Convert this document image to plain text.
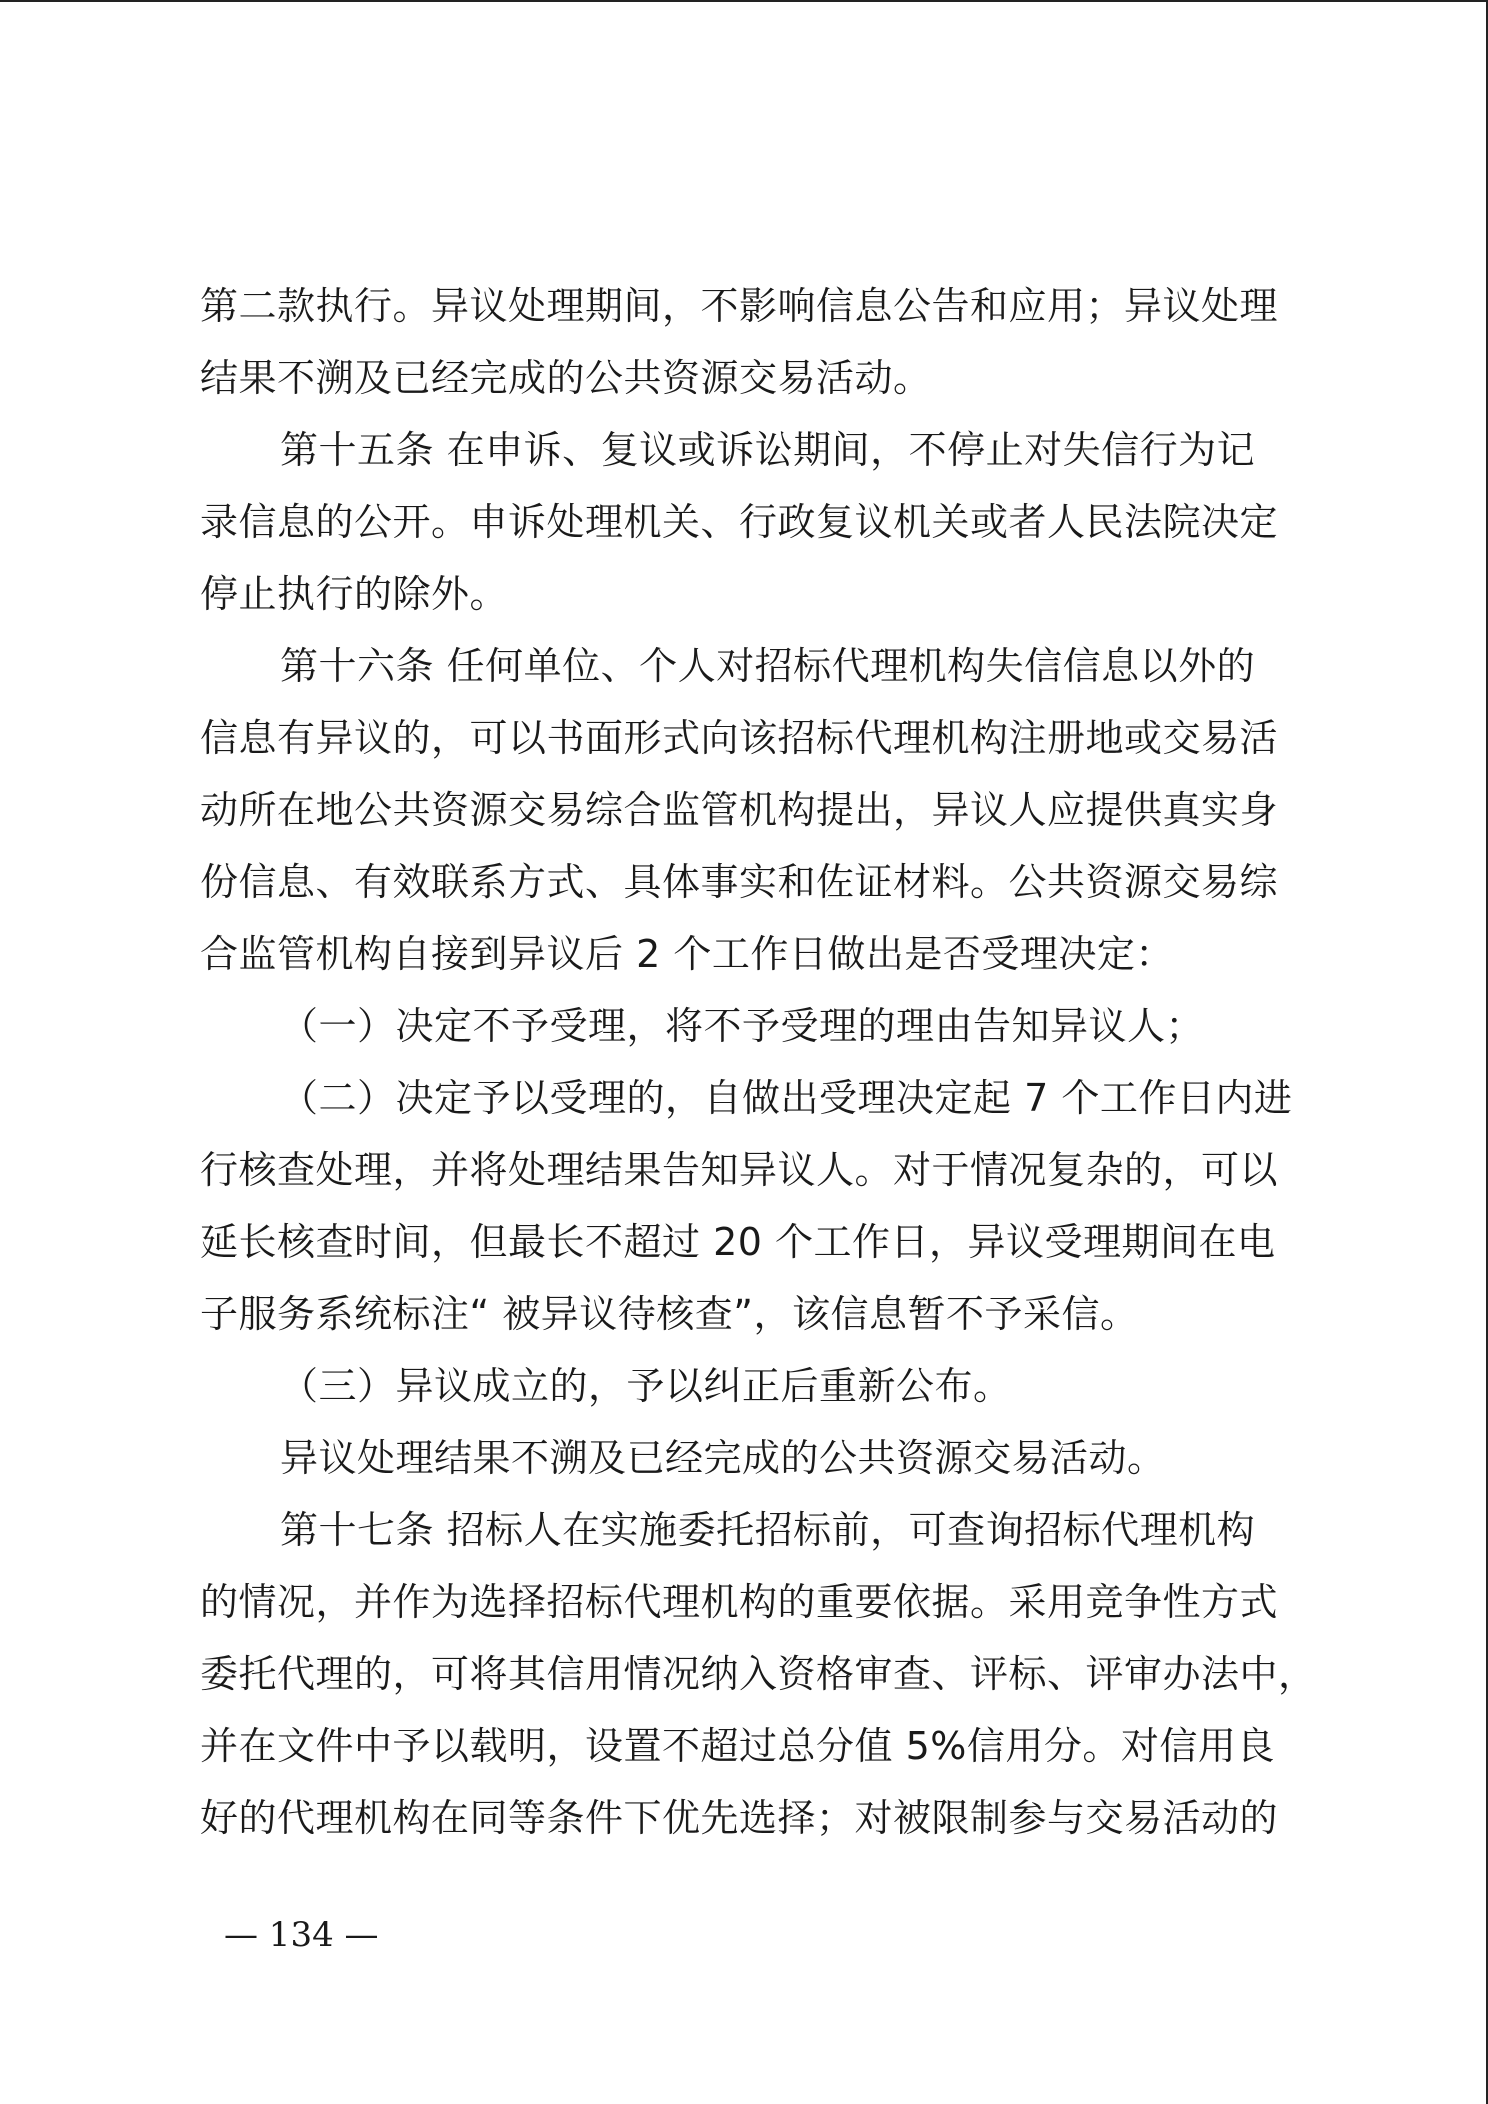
第二款执行。异议处理期间，不影响信息公告和应用；异议处理
结果不溯及已经完成的公共资源交易活动。
第十五条 在申诉、复议或诉讼期间，不停止对失信行为记
录信息的公开。申诉处理机关、行政复议机关或者人民法院决定
停止执行的除外。
第十六条 任何单位、个人对招标代理机构失信信息以外的
信息有异议的，可以书面形式向该招标代理机构注册地或交易活
动所在地公共资源交易综合监管机构提出，异议人应提供真实身
份信息、有效联系方式、具体事实和佐证材料。公共资源交易综
合监管机构自接到异议后 2 个工作日做出是否受理决定：
（一）决定不予受理，将不予受理的理由告知异议人；
（二）决定予以受理的，自做出受理决定起 7 个工作日内进
行核查处理，并将处理结果告知异议人。对于情况复杂的，可以
延长核查时间，但最长不超过 20 个工作日，异议受理期间在电
子服务系统标注“ 被异议待核查”，该信息暂不予采信。
（三）异议成立的，予以纠正后重新公布。
异议处理结果不溯及已经完成的公共资源交易活动。
第十七条 招标人在实施委托招标前，可查询招标代理机构
的情况，并作为选择招标代理机构的重要依据。采用竞争性方式
委托代理的，可将其信用情况纳入资格审查、评标、评审办法中，
并在文件中予以载明，设置不超过总分值 5%信用分。对信用良
好的代理机构在同等条件下优先选择；对被限制参与交易活动的
— 134 —
